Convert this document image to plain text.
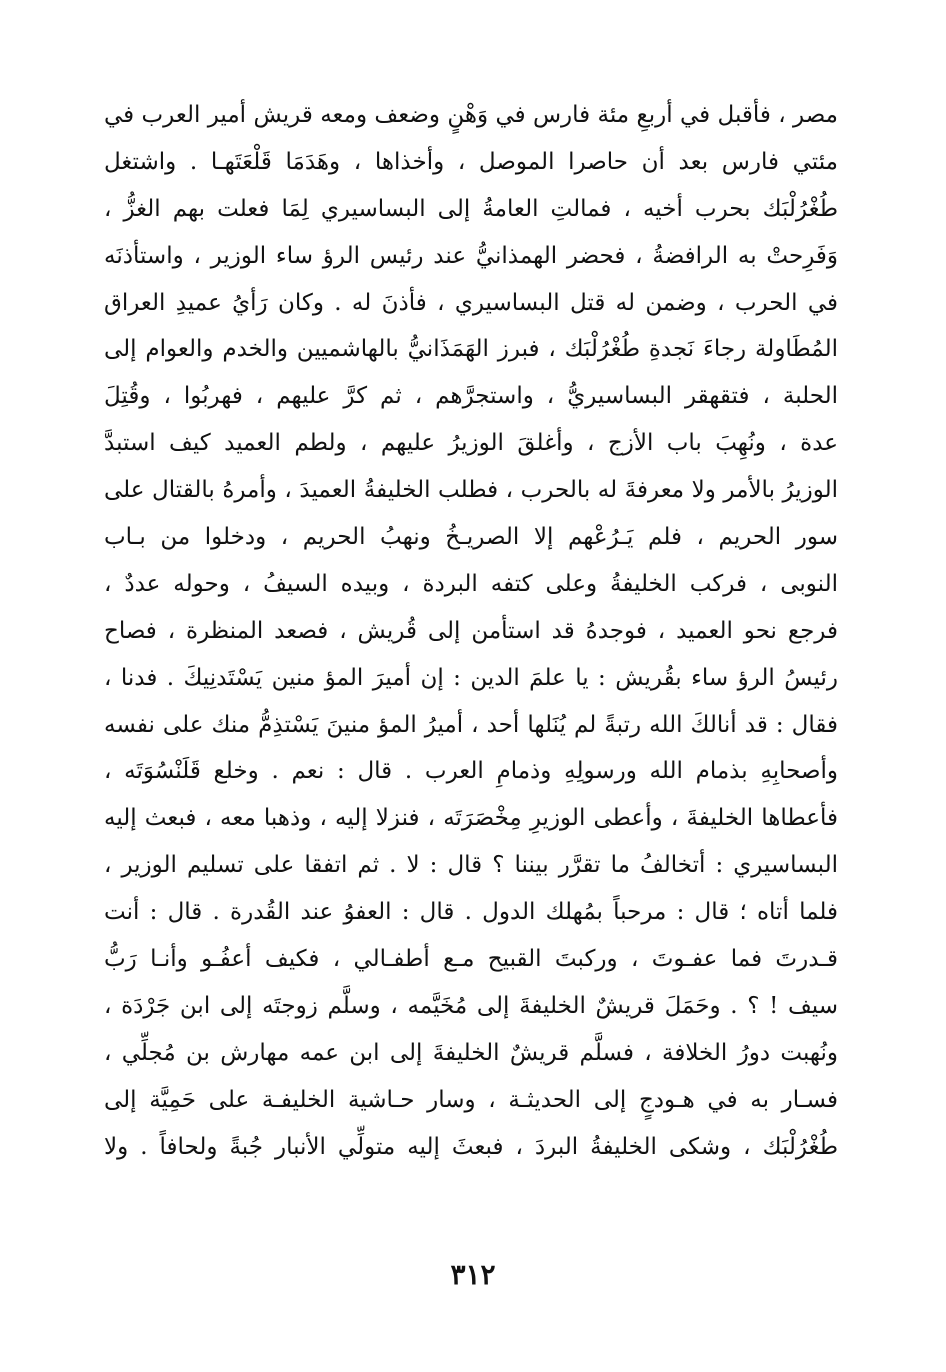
مصر ، فأقبل في أربعِ مئة فارس في وَهْنٍ وضعف ومعه قريش أمير العرب في
مئتي فارس بعد أن حاصرا الموصل ، وأخذاها ، وهَدَمَا قَلْعَتَهـا . واشتغل
طُغْرُلْبَك بحرب أخيه ، فمالتِ العامةُ إلى البساسيري لِمَا فعلت بهم الغزُّ ،
وَفَرِحتْ به الرافضةُ ، فحضر الهمذانيُّ عند رئيس الرؤ ساء الوزير ، واستأذنَه
في الحرب ، وضمن له قتل البساسيري ، فأذنَ له . وكان رَأيُ عميدِ العراق
المُطَاولة رجاءَ نَجدةِ طُغْرُلْبَك ، فبرز الهَمَذَانيُّ بالهاشميين والخدم والعوام إلى
الحلبة ، فتقهقر البساسيريُّ ، واستجرَّهم ، ثم كرَّ عليهم ، فهربُوا ، وقُتِلَ
عدة ، ونُهِبَ باب الأزج ، وأغلقَ الوزيرُ عليهم ، ولطم العميد كيف استبدَّ
الوزيرُ بالأمر ولا معرفةَ له بالحرب ، فطلب الخليفةُ العميدَ ، وأمرهُ بالقتال على
سور الحريم ، فلم يَـرُعْهم إلا الصريـخُ ونهبُ الحريم ، ودخلوا من بـاب
النوبى ، فركب الخليفةُ وعلى كتفه البردة ، وبيده السيفُ ، وحوله عددٌ ،
فرجع نحو العميد ، فوجدهُ قد استأمن إلى قُريش ، فصعد المنظرة ، فصاح
رئيسُ الرؤ ساء بقُريش : يا علمَ الدين : إن أميرَ المؤ منين يَسْتَدنِيكَ . فدنا ،
فقال : قد أنالكَ الله رتبةً لم يُنَلها أحد ، أميرُ المؤ منينَ يَسْتذِمُّ منك على نفسه
وأصحابِهِ بذمام الله ورسولِهِ وذمامِ العرب . قال : نعم . وخلع قَلَنْسُوَتَه ،
فأعطاها الخليفةَ ، وأعطى الوزيرِ مِخْصَرَتَه ، فنزلا إليه ، وذهبا معه ، فبعث إليه
البساسيري : أتخالفُ ما تقرَّر بيننا ؟ قال : لا . ثم اتفقا على تسليم الوزير ،
فلما أتاه ؛ قال : مرحباً بمُهلك الدول . قال : العفوُ عند القُدرة . قال : أنت
قـدرتَ فما عفـوتَ ، وركبتَ القبيح مـع أطفـالي ، فكيف أعفُـو وأنـا رَبُّ
سيف ! ؟ . وحَمَلَ قريشٌ الخليفةَ إلى مُخَيَّمه ، وسلَّم زوجتَه إلى ابن جَرْدَة ،
ونُهبت دورُ الخلافة ، فسلَّم قريشٌ الخليفةَ إلى ابن عمه مهارش بن مُجلِّي ،
فسـار به في هـودجٍ إلى الحديثـة ، وسار حـاشية الخليفـة على حَمِيَّة إلى
طُغْرُلْبَك ، وشكى الخليفةُ البردَ ، فبعثَ إليه متولِّي الأنبار جُبةً ولحافاً . ولا
٣١٢
